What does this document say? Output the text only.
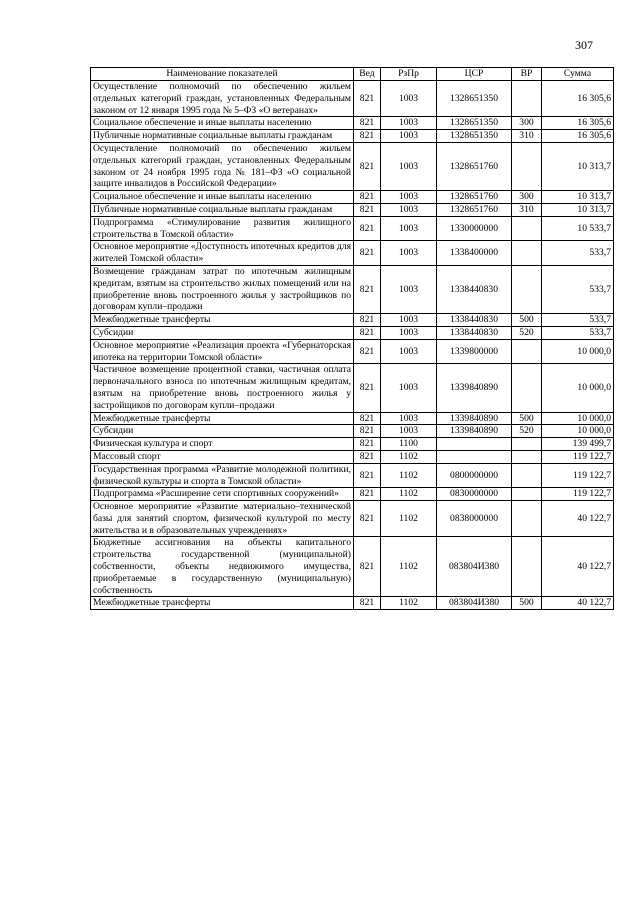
307
Наименование показателей	Вед	РзПр	ЦСР	ВР	Сумма
Осуществление полномочий по обеспечению жильем отдельных категорий граждан, установленных Федеральным законом от 12 января 1995 года № 5–ФЗ «О ветеранах»	821	1003	1328651350		16 305,6
Социальное обеспечение и иные выплаты населению	821	1003	1328651350	300	16 305,6
Публичные нормативные социальные выплаты гражданам	821	1003	1328651350	310	16 305,6
Осуществление полномочий по обеспечению жильем отдельных категорий граждан, установленных Федеральным законом от 24 ноября 1995 года № 181–ФЗ «О социальной защите инвалидов в Российской Федерации»	821	1003	1328651760		10 313,7
Социальное обеспечение и иные выплаты населению	821	1003	1328651760	300	10 313,7
Публичные нормативные социальные выплаты гражданам	821	1003	1328651760	310	10 313,7
Подпрограмма «Стимулирование развития жилищного строительства в Томской области»	821	1003	1330000000		10 533,7
Основное мероприятие «Доступность ипотечных кредитов для жителей Томской области»	821	1003	1338400000		533,7
Возмещение гражданам затрат по ипотечным жилищным кредитам, взятым на строительство жилых помещений или на приобретение вновь построенного жилья у застройщиков по договорам купли–продажи	821	1003	1338440830		533,7
Межбюджетные трансферты	821	1003	1338440830	500	533,7
Субсидии	821	1003	1338440830	520	533,7
Основное мероприятие «Реализация проекта «Губернаторская ипотека на территории Томской области»	821	1003	1339800000		10 000,0
Частичное возмещение процентной ставки, частичная оплата первоначального взноса по ипотечным жилищным кредитам, взятым на приобретение вновь построенного жилья у застройщиков по договорам купли–продажи	821	1003	1339840890		10 000,0
Межбюджетные трансферты	821	1003	1339840890	500	10 000,0
Субсидии	821	1003	1339840890	520	10 000,0
Физическая культура и спорт	821	1100			139 499,7
Массовый спорт	821	1102			119 122,7
Государственная программа «Развитие молодежной политики, физической культуры и спорта в Томской области»	821	1102	0800000000		119 122,7
Подпрограмма «Расширение сети спортивных сооружений»	821	1102	0830000000		119 122,7
Основное мероприятие «Развитие материально–технической базы для занятий спортом, физической культурой по месту жительства и в образовательных учреждениях»	821	1102	0838000000		40 122,7
Бюджетные ассигнования на объекты капитального строительства государственной (муниципальной) собственности, объекты недвижимого имущества, приобретаемые в государственную (муниципальную) собственность	821	1102	083804И380		40 122,7
Межбюджетные трансферты	821	1102	083804И380	500	40 122,7
